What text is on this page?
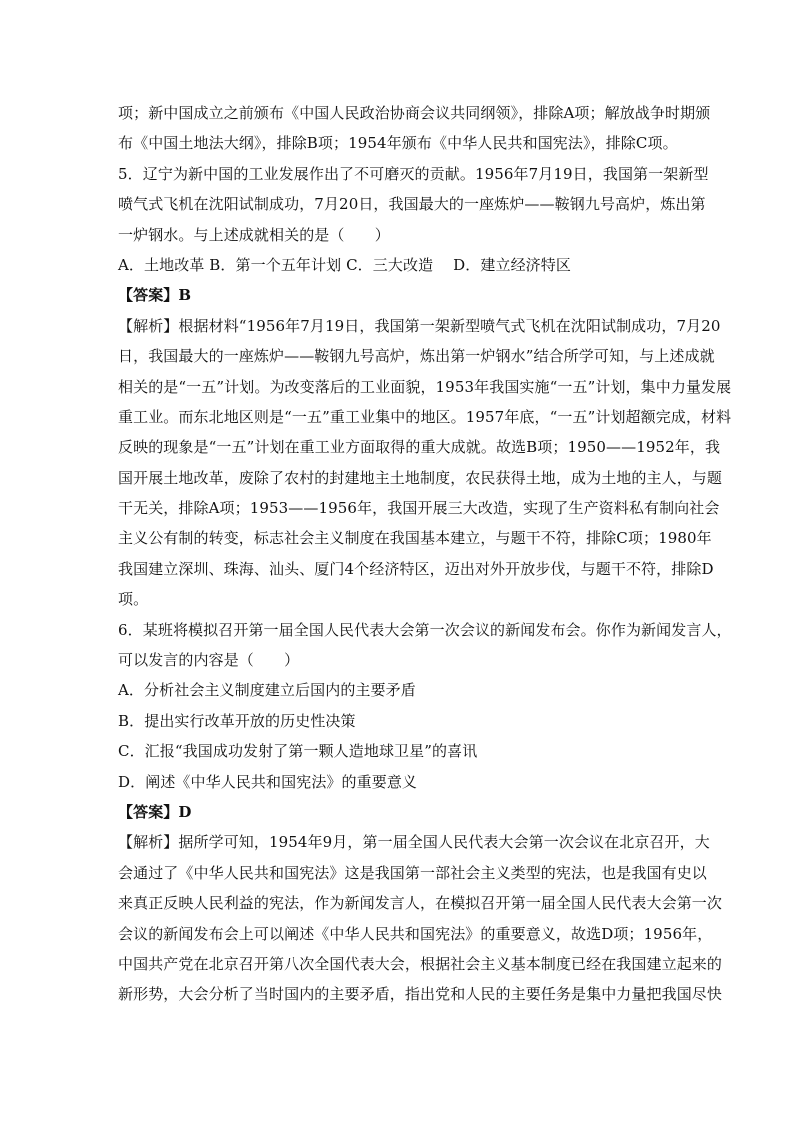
项；新中国成立之前颁布《中国人民政治协商会议共同纲领》，排除A项；解放战争时期颁
布《中国土地法大纲》，排除B项；1954年颁布《中华人民共和国宪法》，排除C项。
5．辽宁为新中国的工业发展作出了不可磨灭的贡献。1956年7月19日，我国第一架新型
喷气式飞机在沈阳试制成功，7月20日，我国最大的一座炼炉——鞍钢九号高炉，炼出第
一炉钢水。与上述成就相关的是（　　）
A．土地改革 B．第一个五年计划 C．三大改造　 D．建立经济特区
【答案】B
【解析】根据材料“1956年7月19日，我国第一架新型喷气式飞机在沈阳试制成功，7月20
日，我国最大的一座炼炉——鞍钢九号高炉，炼出第一炉钢水”结合所学可知，与上述成就
相关的是“一五”计划。为改变落后的工业面貌，1953年我国实施“一五”计划，集中力量发展
重工业。而东北地区则是“一五”重工业集中的地区。1957年底，“一五”计划超额完成，材料
反映的现象是“一五”计划在重工业方面取得的重大成就。故选B项；1950——1952年，我
国开展土地改革，废除了农村的封建地主土地制度，农民获得土地，成为土地的主人，与题
干无关，排除A项；1953——1956年，我国开展三大改造，实现了生产资料私有制向社会
主义公有制的转变，标志社会主义制度在我国基本建立，与题干不符，排除C项；1980年
我国建立深圳、珠海、汕头、厦门4个经济特区，迈出对外开放步伐，与题干不符，排除D
项。
6．某班将模拟召开第一届全国人民代表大会第一次会议的新闻发布会。你作为新闻发言人，
可以发言的内容是（　　）
A．分析社会主义制度建立后国内的主要矛盾
B．提出实行改革开放的历史性决策
C．汇报“我国成功发射了第一颗人造地球卫星”的喜讯
D．阐述《中华人民共和国宪法》的重要意义
【答案】D
【解析】据所学可知，1954年9月，第一届全国人民代表大会第一次会议在北京召开，大
会通过了《中华人民共和国宪法》这是我国第一部社会主义类型的宪法，也是我国有史以
来真正反映人民利益的宪法，作为新闻发言人，在模拟召开第一届全国人民代表大会第一次
会议的新闻发布会上可以阐述《中华人民共和国宪法》的重要意义，故选D项；1956年，
中国共产党在北京召开第八次全国代表大会，根据社会主义基本制度已经在我国建立起来的
新形势，大会分析了当时国内的主要矛盾，指出党和人民的主要任务是集中力量把我国尽快
